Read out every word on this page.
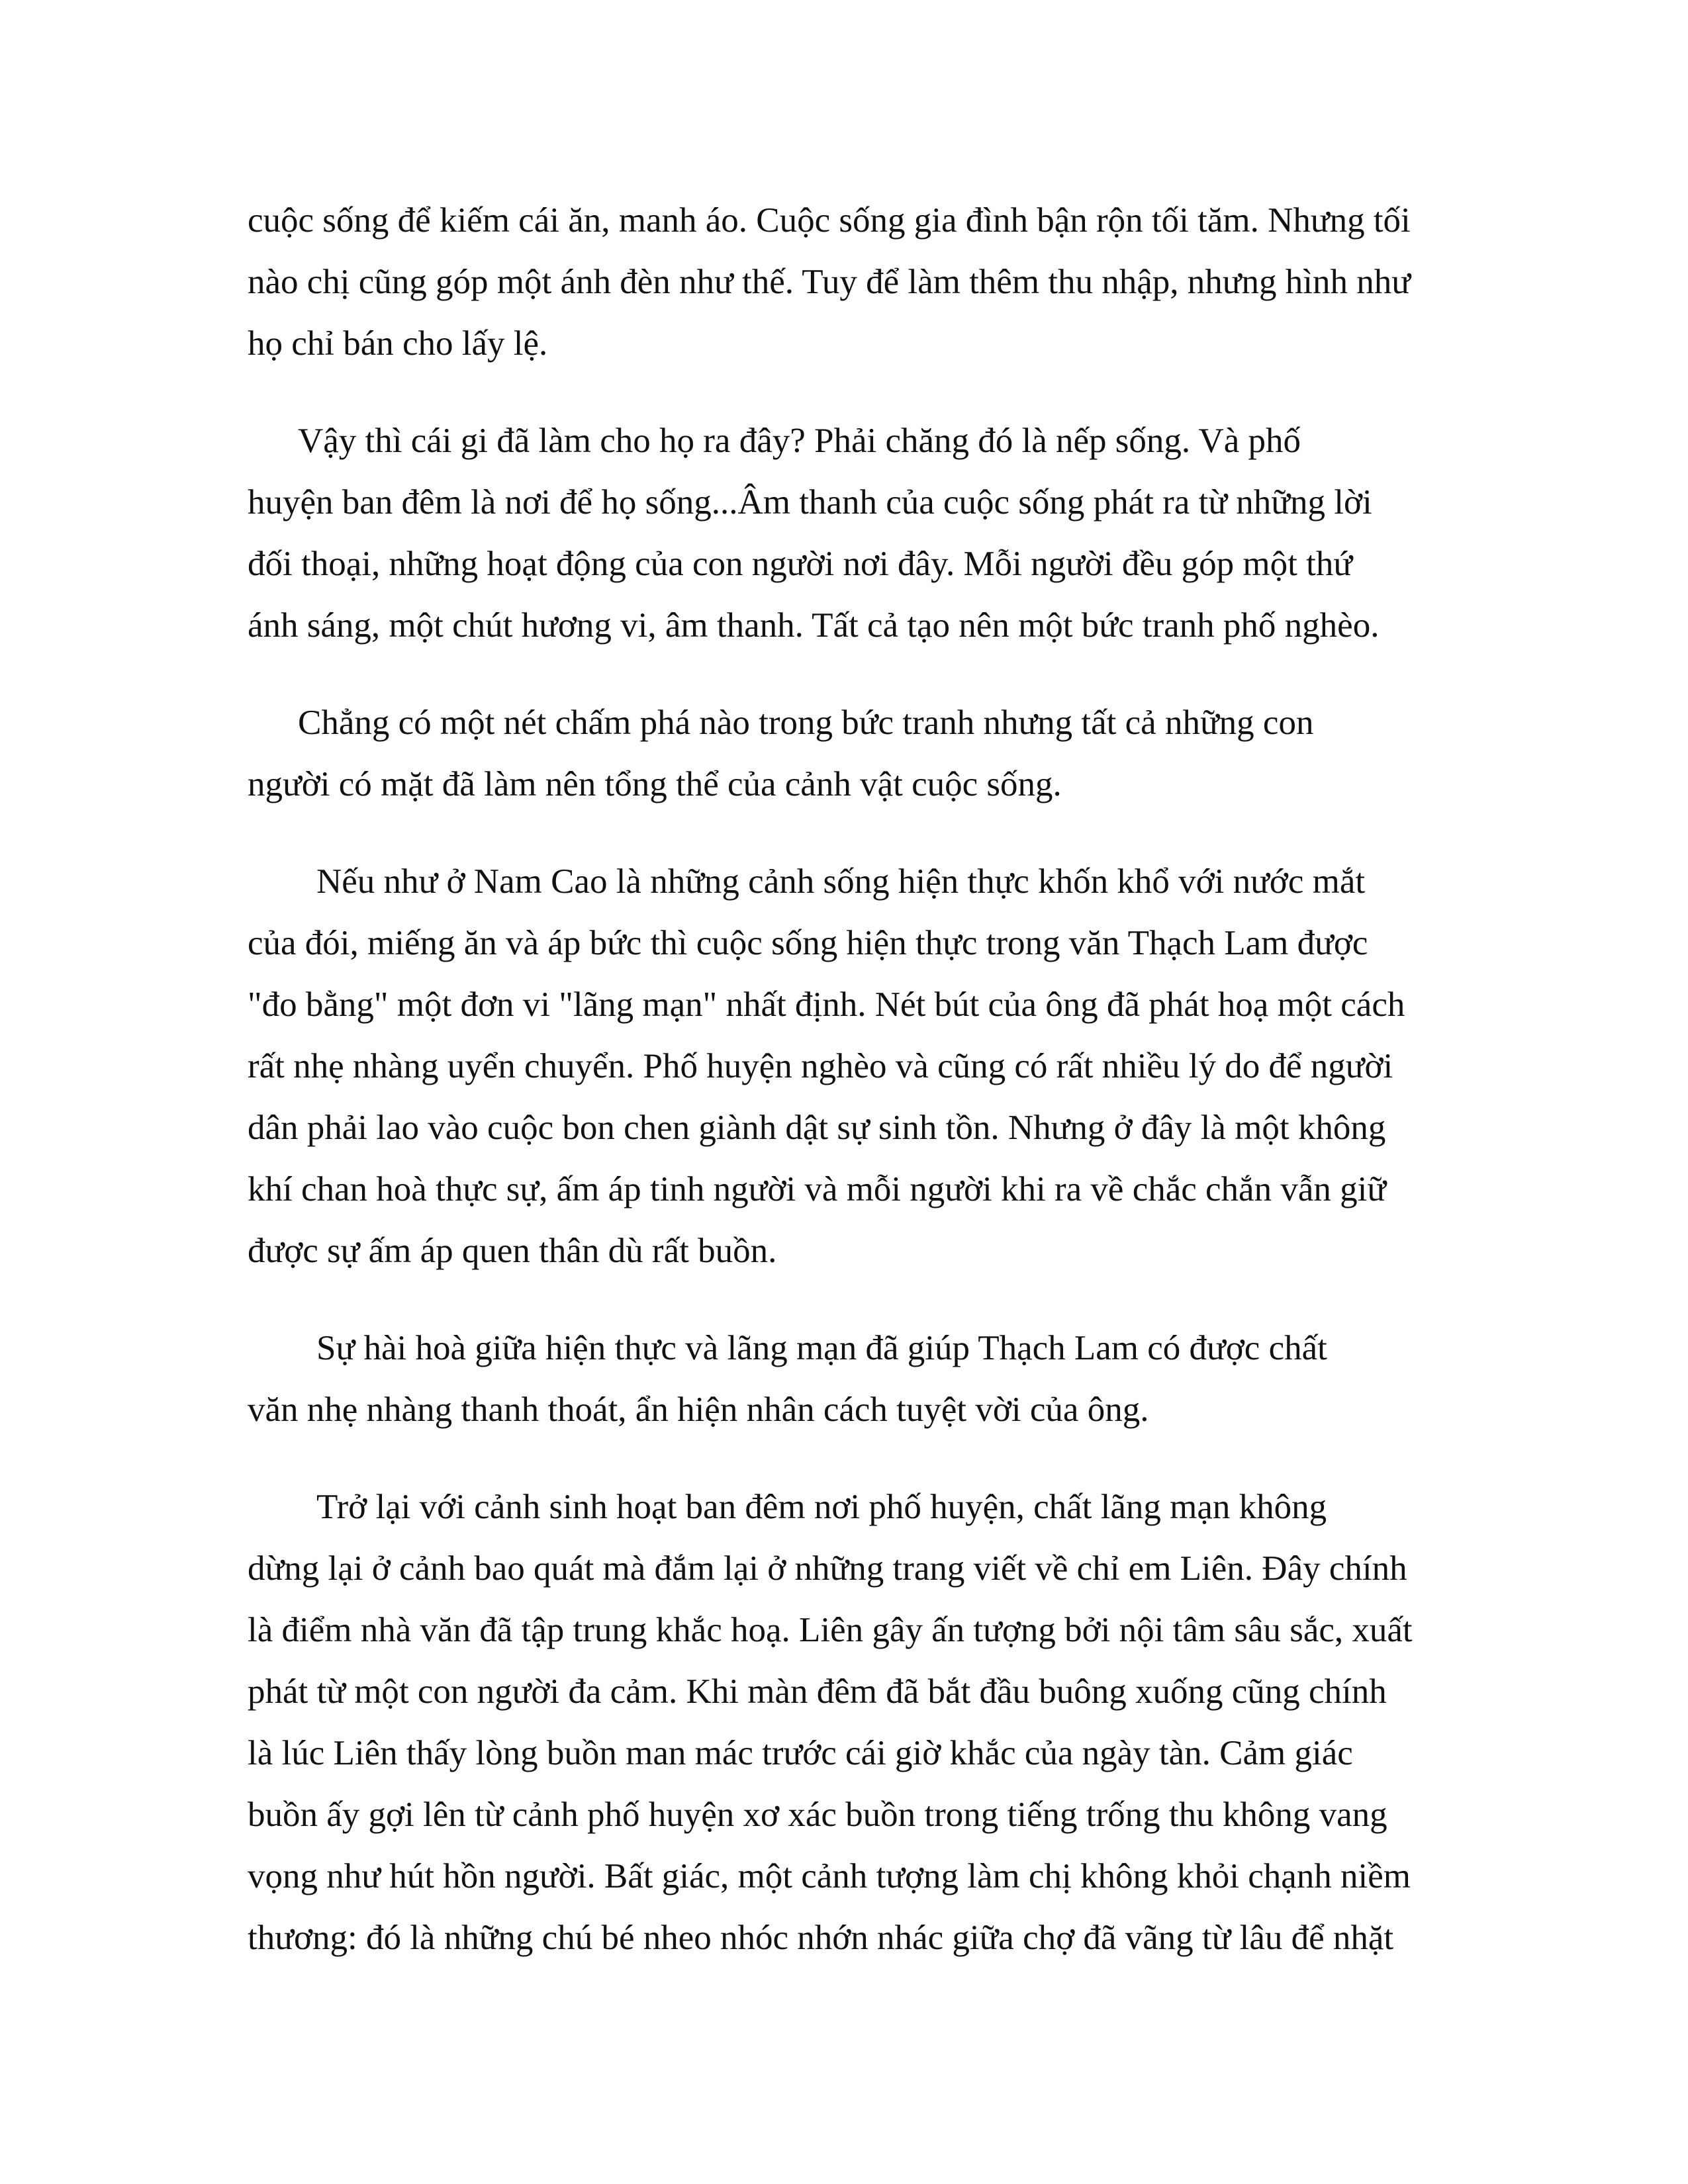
cuộc sống để kiếm cái ăn, manh áo. Cuộc sống gia đình bận rộn tối tăm. Nhưng tối
nào chị cũng góp một ánh đèn như thế. Tuy để làm thêm thu nhập, nhưng hình như
họ chỉ bán cho lấy lệ.
Vậy thì cái gi đã làm cho họ ra đây? Phải chăng đó là nếp sống. Và phố
huyện ban đêm là nơi để họ sống...Âm thanh của cuộc sống phát ra từ những lời
đối thoại, những hoạt động của con người nơi đây. Mỗi người đều góp một thứ
ánh sáng, một chút hương vi, âm thanh. Tất cả tạo nên một bức tranh phố nghèo.
Chẳng có một nét chấm phá nào trong bức tranh nhưng tất cả những con
người có mặt đã làm nên tổng thể của cảnh vật cuộc sống.
Nếu như ở Nam Cao là những cảnh sống hiện thực khốn khổ với nước mắt
của đói, miếng ăn và áp bức thì cuộc sống hiện thực trong văn Thạch Lam được
"đo bằng" một đơn vi "lãng mạn" nhất định. Nét bút của ông đã phát hoạ một cách
rất nhẹ nhàng uyển chuyển. Phố huyện nghèo và cũng có rất nhiều lý do để người
dân phải lao vào cuộc bon chen giành dật sự sinh tồn. Nhưng ở đây là một không
khí chan hoà thực sự, ấm áp tinh người và mỗi người khi ra về chắc chắn vẫn giữ
được sự ấm áp quen thân dù rất buồn.
Sự hài hoà giữa hiện thực và lãng mạn đã giúp Thạch Lam có được chất
văn nhẹ nhàng thanh thoát, ẩn hiện nhân cách tuyệt vời của ông.
Trở lại với cảnh sinh hoạt ban đêm nơi phố huyện, chất lãng mạn không
dừng lại ở cảnh bao quát mà đắm lại ở những trang viết về chỉ em Liên. Đây chính
là điểm nhà văn đã tập trung khắc hoạ. Liên gây ấn tượng bởi nội tâm sâu sắc, xuất
phát từ một con người đa cảm. Khi màn đêm đã bắt đầu buông xuống cũng chính
là lúc Liên thấy lòng buồn man mác trước cái giờ khắc của ngày tàn. Cảm giác
buồn ấy gợi lên từ cảnh phố huyện xơ xác buồn trong tiếng trống thu không vang
vọng như hút hồn người. Bất giác, một cảnh tượng làm chị không khỏi chạnh niềm
thương: đó là những chú bé nheo nhóc nhớn nhác giữa chợ đã vãng từ lâu để nhặt
